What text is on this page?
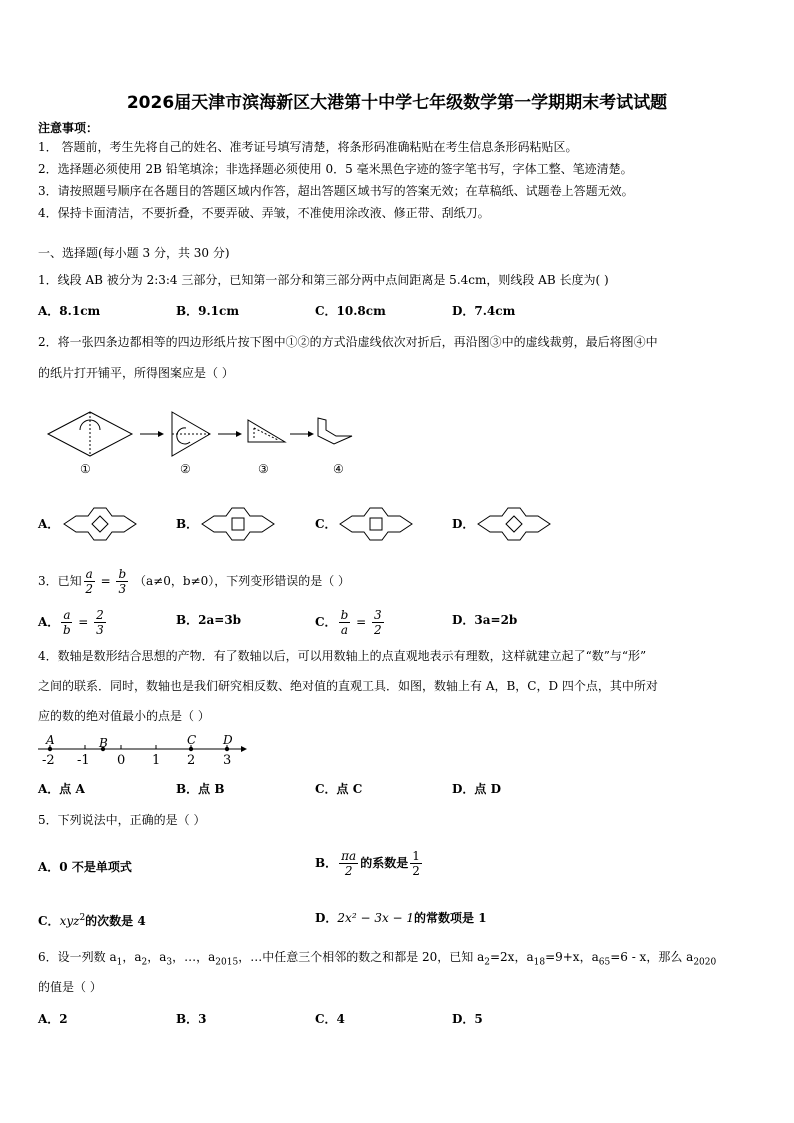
2026届天津市滨海新区大港第十中学七年级数学第一学期期末考试试题
注意事项：
1． 答题前，考生先将自己的姓名、准考证号填写清楚，将条形码准确粘贴在考生信息条形码粘贴区。
2．选择题必须使用 2B 铅笔填涂；非选择题必须使用 0．5 毫米黑色字迹的签字笔书写，字体工整、笔迹清楚。
3．请按照题号顺序在各题目的答题区域内作答，超出答题区域书写的答案无效；在草稿纸、试题卷上答题无效。
4．保持卡面清洁，不要折叠，不要弄破、弄皱，不准使用涂改液、修正带、刮纸刀。
一、选择题(每小题 3 分，共 30 分)
1．线段 AB 被分为 2:3:4 三部分，已知第一部分和第三部分两中点间距离是 5.4cm，则线段 AB 长度为( )
A．8.1cm	B．9.1cm	C．10.8cm	D．7.4cm
2．将一张四条边都相等的四边形纸片按下图中①②的方式沿虚线依次对折后，再沿图③中的虚线裁剪，最后将图④中
的纸片打开铺平，所得图案应是（ ）
①	②	③	④
A．	B．	C．	D．
3．已知 $\frac{a}{2} = \frac{b}{3} (a\ne 0$，b≠0），下列变形错误的是（ ）
A． $\frac{a}{b} = \frac{2}{3}$	B．2a=3b	C． $\frac{b}{a} = \frac{3}{2}$	D．3a=2b
4．数轴是数形结合思想的产物．有了数轴以后，可以用数轴上的点直观地表示有理数，这样就建立起了“数”与“形”
之间的联系．同时，数轴也是我们研究相反数、绝对值的直观工具．如图，数轴上有 A，B，C，D 四个点，其中所对
应的数的绝对值最小的点是（ ）
A	B	C D
-2 -1 0 1 2 3
A．点 A	B．点 B	C．点 C	D．点 D
5．下列说法中，正确的是（ ）
A．0 不是单项式	B． $\frac{\pi a}{2}$ 的系数是 $\frac{1}{2}$
C．xyz$^2$的次数是 4	D．2x² − 3x − 1的常数项是 1
6．设一列数 $a_1$，$a_2$，$a_3$，…，$a_{2015}$，…中任意三个相邻的数之和都是 20，已知 $a_2=2x$，$a_{18}=9+x$，$a_{65}=6 - x$，那么 $a_{2020}$
的值是（ ）
A．2	B．3	C．4	D．5
